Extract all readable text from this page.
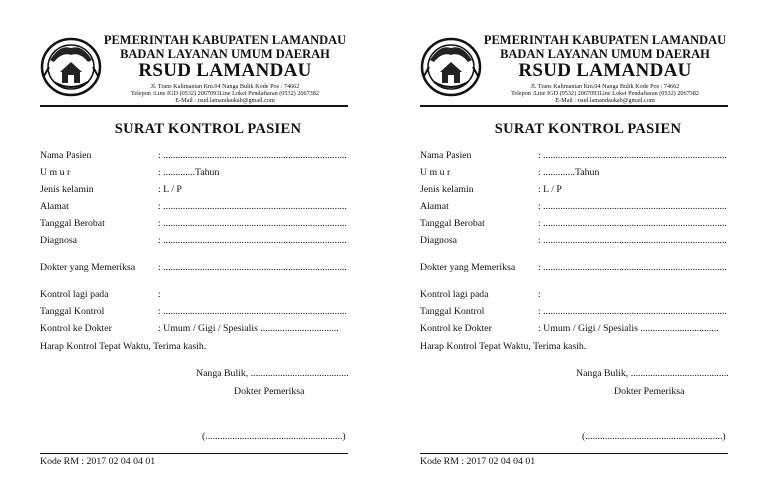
PEMERINTAH KABUPATEN LAMANDAU
BADAN LAYANAN UMUM DAERAH
RSUD LAMANDAU
Jl. Trans Kalimantan Km.04 Nanga Bulik Kode Pos : 74662
Telepon :Line IGD (0532) 2067093Line Loket Pendaftaran (0532) 2067382
E-Mail : rsud.lamandaukab@gmail.com
SURAT KONTROL PASIEN
Nama Pasien	: ...........................................................................
U m u r	: .............Tahun
Jenis kelamin	: L / P
Alamat	: ...........................................................................
Tanggal Berobat	: ...........................................................................
Diagnosa	: ...........................................................................
Dokter yang Memeriksa : ...........................................................................
Kontrol lagi pada	:
Tanggal Kontrol	: ...........................................................................
Kontrol ke Dokter	: Umum / Gigi / Spesialis ................................
Harap Kontrol Tepat Waktu, Terima kasih.
Nanga Bulik, ........................................
Dokter Pemeriksa
(........................................................)
Kode RM : 2017 02 04 04 01
PEMERINTAH KABUPATEN LAMANDAU
BADAN LAYANAN UMUM DAERAH
RSUD LAMANDAU
Jl. Trans Kalimantan Km.04 Nanga Bulik Kode Pos : 74662
Telepon :Line IGD (0532) 2067093Line Loket Pendaftaran (0532) 2067382
E-Mail : rsud.lamandaukab@gmail.com
SURAT KONTROL PASIEN
Nama Pasien	: ...........................................................................
U m u r	: .............Tahun
Jenis kelamin	: L / P
Alamat	: ...........................................................................
Tanggal Berobat	: ...........................................................................
Diagnosa	: ...........................................................................
Dokter yang Memeriksa : ...........................................................................
Kontrol lagi pada	:
Tanggal Kontrol	: ...........................................................................
Kontrol ke Dokter	: Umum / Gigi / Spesialis ................................
Harap Kontrol Tepat Waktu, Terima kasih.
Nanga Bulik, ........................................
Dokter Pemeriksa
(........................................................)
Kode RM : 2017 02 04 04 01
